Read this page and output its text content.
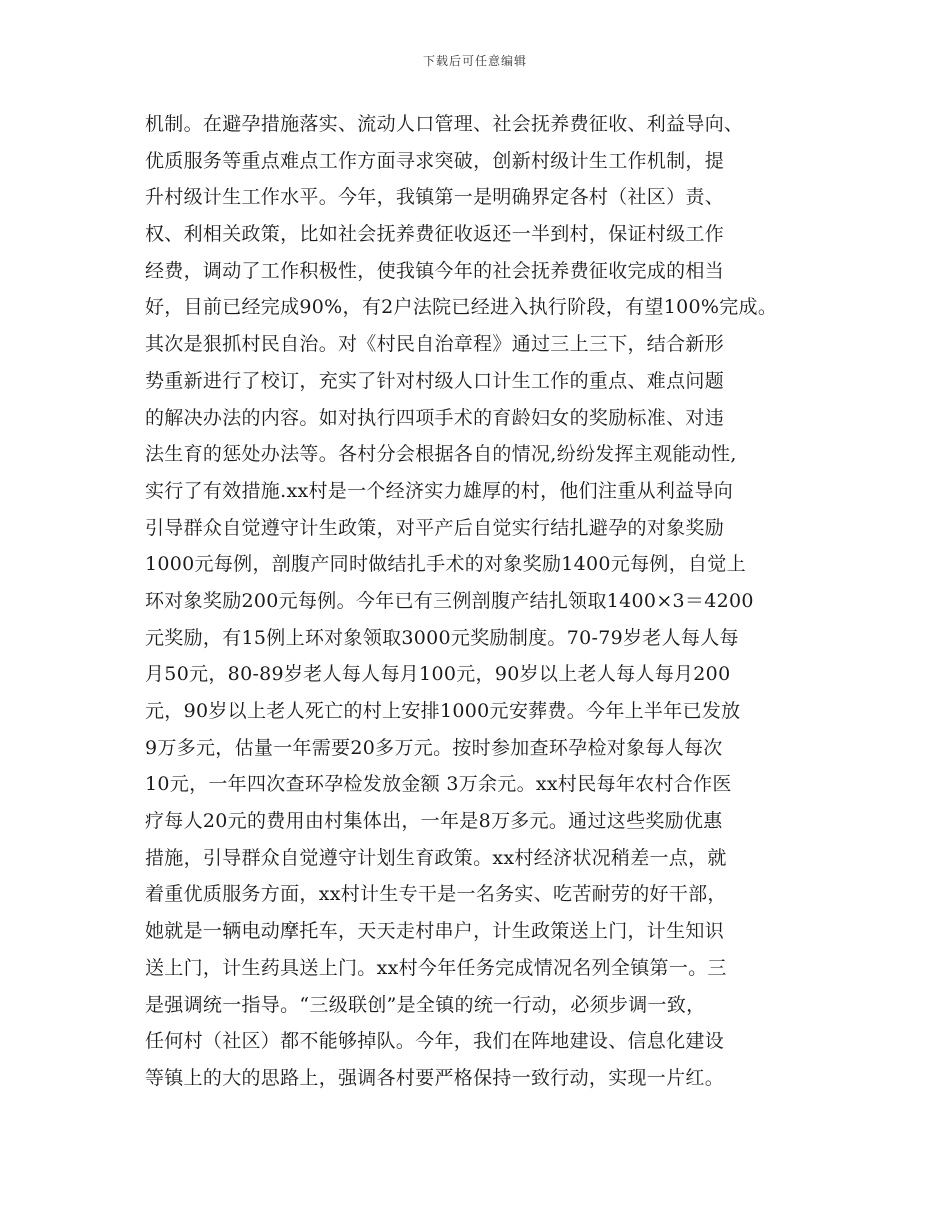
下载后可任意编辑
机制。在避孕措施落实、流动人口管理、社会抚养费征收、利益导向、
优质服务等重点难点工作方面寻求突破，创新村级计生工作机制，提
升村级计生工作水平。今年，我镇第一是明确界定各村（社区）责、
权、利相关政策，比如社会抚养费征收返还一半到村，保证村级工作
经费，调动了工作积极性，使我镇今年的社会抚养费征收完成的相当
好，目前已经完成90%，有2户法院已经进入执行阶段，有望100%完成。
其次是狠抓村民自治。对《村民自治章程》通过三上三下，结合新形
势重新进行了校订，充实了针对村级人口计生工作的重点、难点问题
的解决办法的内容。如对执行四项手术的育龄妇女的奖励标准、对违
法生育的惩处办法等。各村分会根据各自的情况,纷纷发挥主观能动性,
实行了有效措施.xx村是一个经济实力雄厚的村，他们注重从利益导向
引导群众自觉遵守计生政策，对平产后自觉实行结扎避孕的对象奖励
1000元每例，剖腹产同时做结扎手术的对象奖励1400元每例，自觉上
环对象奖励200元每例。今年已有三例剖腹产结扎领取1400×3＝4200
元奖励，有15例上环对象领取3000元奖励制度。70-79岁老人每人每
月50元，80-89岁老人每人每月100元，90岁以上老人每人每月200
元，90岁以上老人死亡的村上安排1000元安葬费。今年上半年已发放
9万多元，估量一年需要20多万元。按时参加查环孕检对象每人每次
10元，一年四次查环孕检发放金额 3万余元。xx村民每年农村合作医
疗每人20元的费用由村集体出，一年是8万多元。通过这些奖励优惠
措施，引导群众自觉遵守计划生育政策。xx村经济状况稍差一点，就
着重优质服务方面，xx村计生专干是一名务实、吃苦耐劳的好干部，
她就是一辆电动摩托车，天天走村串户，计生政策送上门，计生知识
送上门，计生药具送上门。xx村今年任务完成情况名列全镇第一。三
是强调统一指导。“三级联创”是全镇的统一行动，必须步调一致，
任何村（社区）都不能够掉队。今年，我们在阵地建设、信息化建设
等镇上的大的思路上，强调各村要严格保持一致行动，实现一片红。
